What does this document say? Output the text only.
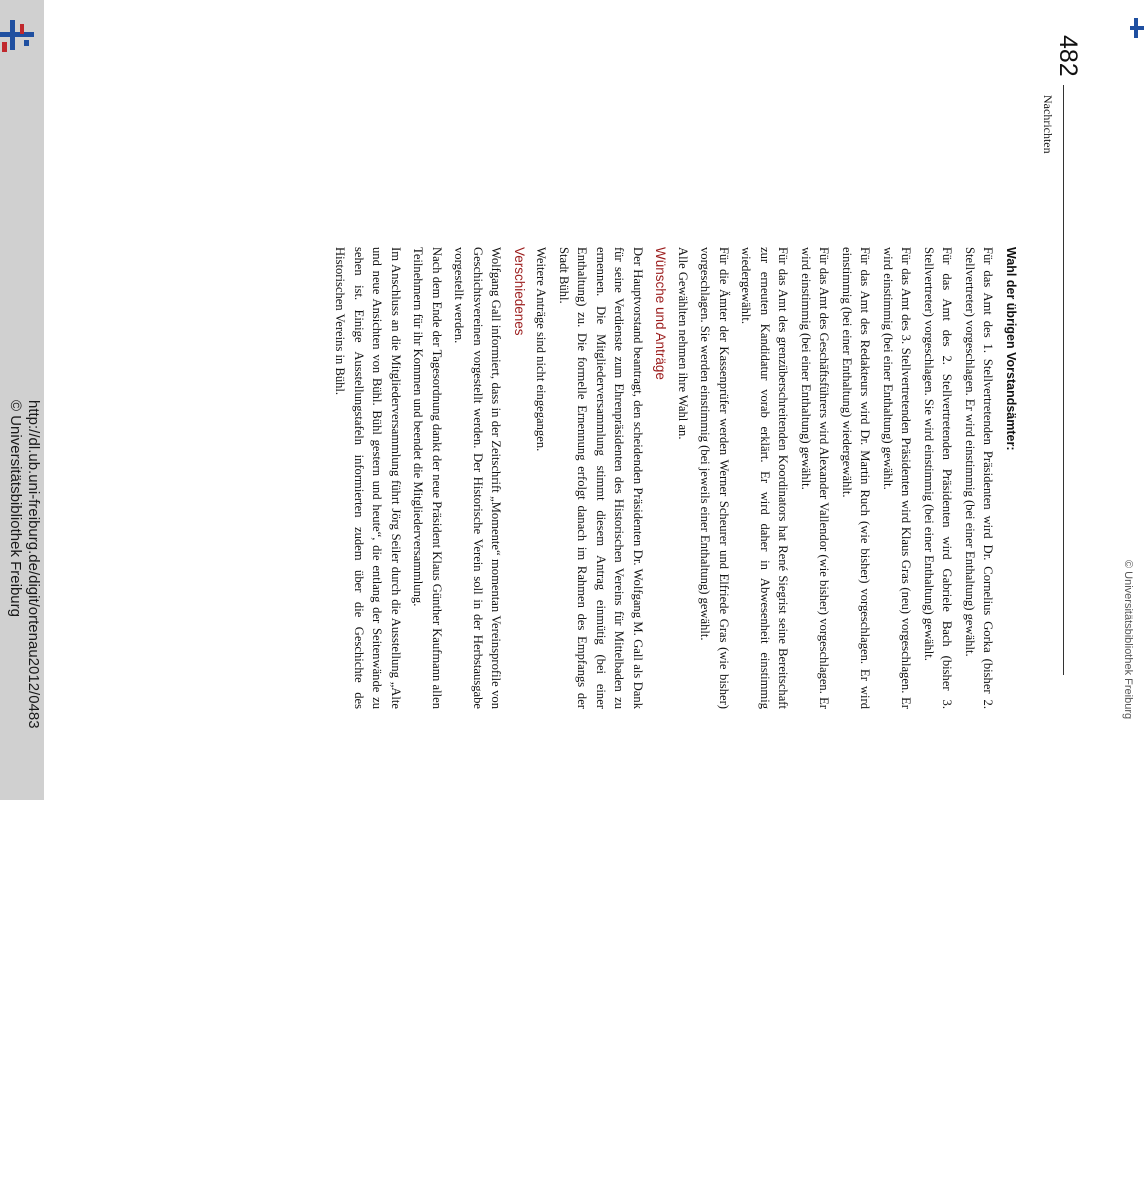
http://dl.ub.uni-freiburg.de/digit/ortenau2012/0483
© Universitätsbibliothek Freiburg
© Universitätsbibliothek Freiburg
482
Nachrichten

Wahl der übrigen Vorstandsämter:

Für das Amt des 1. Stellvertretenden Präsidenten wird Dr. Cornelius Gorka (bisher 2. Stellvertreter) vorgeschlagen. Er wird einstimmig (bei einer Enthaltung) gewählt.

Für das Amt des 2. Stellvertretenden Präsidenten wird Gabriele Bach (bisher 3. Stellvertreter) vorgeschlagen. Sie wird einstimmig (bei einer Enthaltung) gewählt.

Für das Amt des 3. Stellvertretenden Präsidenten wird Klaus Gras (neu) vorgeschlagen. Er wird einstimmig (bei einer Enthaltung) gewählt.

Für das Amt des Redakteurs wird Dr. Martin Ruch (wie bisher) vorgeschlagen. Er wird einstimmig (bei einer Enthaltung) wiedergewählt.

Für das Amt des Geschäftsführers wird Alexander Vallendor (wie bisher) vorgeschlagen. Er wird einstimmig (bei einer Enthaltung) gewählt.

Für das Amt des grenzüberschreitenden Koordinators hat René Siegrist seine Bereitschaft zur erneuten Kandidatur vorab erklärt. Er wird daher in Abwesenheit einstimmig wiedergewählt.

Für die Ämter der Kassenprüfer werden Werner Scheurer und Elfriede Gras (wie bisher) vorgeschlagen. Sie werden einstimmig (bei jeweils einer Enthaltung) gewählt.

Alle Gewählten nehmen ihre Wahl an.

Wünsche und Anträge

Der Hauptvorstand beantragt, den scheidenden Präsidenten Dr. Wolfgang M. Gall als Dank für seine Verdienste zum Ehrenpräsidenten des Historischen Vereins für Mittelbaden zu ernennen. Die Mitgliederversammlung stimmt diesem Antrag einmütig (bei einer Enthaltung) zu. Die formelle Ernennung erfolgt danach im Rahmen des Empfangs der Stadt Bühl.

Weitere Anträge sind nicht eingegangen.

Verschiedenes

Wolfgang Gall informiert, dass in der Zeitschrift „Momente“ momentan Vereinsprofile von Geschichtsvereinen vorgestellt werden. Der Historische Verein soll in der Herbstausgabe vorgestellt werden.

Nach dem Ende der Tagesordnung dankt der neue Präsident Klaus Günther Kaufmann allen Teilnehmern für ihr Kommen und beendet die Mitgliederversammlung.

Im Anschluss an die Mitgliederversammlung führt Jörg Seiler durch die Ausstellung „Alte und neue Ansichten von Bühl. Bühl gestern und heute“, die entlang der Seitenwände zu sehen ist. Einige Ausstellungstafeln informierten zudem über die Geschichte des Historischen Vereins in Bühl.
